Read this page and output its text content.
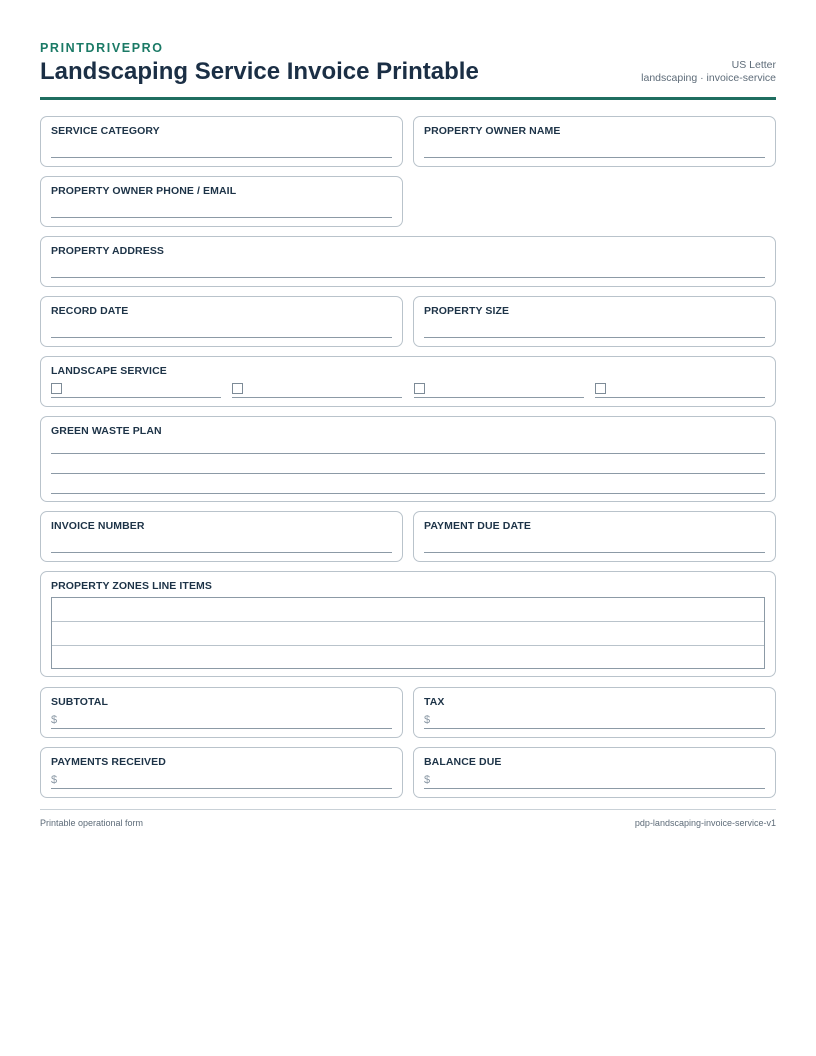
PRINTDRIVEPRO
Landscaping Service Invoice Printable	US Letter
landscaping · invoice-service
SERVICE CATEGORY	PROPERTY OWNER NAME
PROPERTY OWNER PHONE / EMAIL
PROPERTY ADDRESS
RECORD DATE	PROPERTY SIZE
LANDSCAPE SERVICE
GREEN WASTE PLAN
INVOICE NUMBER	PAYMENT DUE DATE
PROPERTY ZONES LINE ITEMS
SUBTOTAL
$
TAX
$
PAYMENTS RECEIVED
$
BALANCE DUE
$
Printable operational form	pdp-landscaping-invoice-service-v1
